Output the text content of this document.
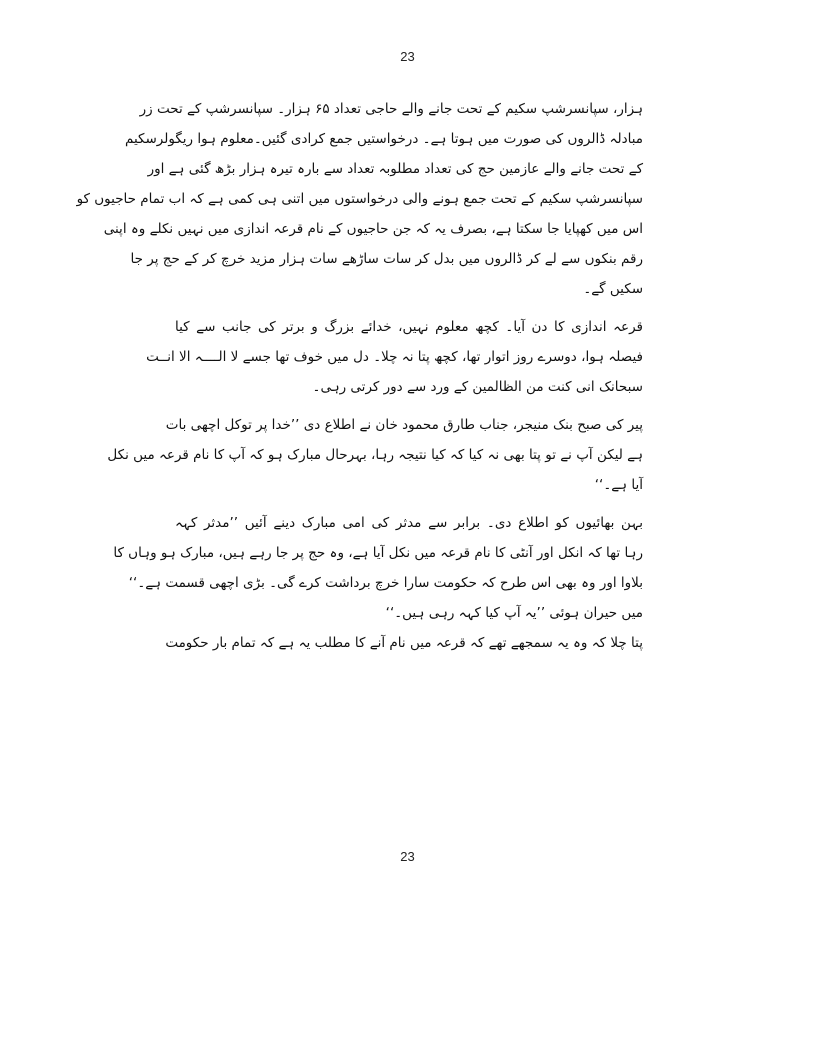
23
ہزار، سپانسرشپ سکیم کے تحت جانے والے حاجی تعداد ۶۵ ہزار۔ سپانسرشپ کے تحت زر
مبادلہ ڈالروں کی صورت میں ہوتا ہے۔ درخواستیں جمع کرادی گئیں۔معلوم ہوا ریگولرسکیم
کے تحت جانے والے عازمین حج کی تعداد مطلوبہ تعداد سے بارہ تیرہ ہزار بڑھ گئی ہے اور
سپانسرشپ سکیم کے تحت جمع ہونے والی درخواستوں میں اتنی ہی کمی ہے کہ اب تمام حاجیوں کو
اس میں کھپایا جا سکتا ہے، بصرف یہ کہ جن حاجیوں کے نام قرعہ اندازی میں نہیں نکلے وہ اپنی
رقم بنکوں سے لے کر ڈالروں میں بدل کر سات ساڑھے سات ہزار مزید خرچ کر کے حج پر جا
سکیں گے۔
قرعہ اندازی کا دن آیا۔ کچھ معلوم نہیں، خدائے بزرگ و برتر کی جانب سے کیا
فیصلہ ہوا، دوسرے روز اتوار تھا، کچھ پتا نہ چلا۔ دل میں خوف تھا جسے لا الــــہ الا انــت
سبحانک انی کنت من الظالمین کے ورد سے دور کرتی رہی۔
پیر کی صبح بنک منیجر، جناب طارق محمود خان نے اطلاع دی ’’خدا پر توکل اچھی بات
ہے لیکن آپ نے تو پتا بھی نہ کیا کہ کیا نتیجہ رہا، بہرحال مبارک ہو کہ آپ کا نام قرعہ میں نکل
آیا ہے۔‘‘
بہن بھائیوں کو اطلاع دی۔ برابر سے مدثر کی امی مبارک دینے آئیں ’’مدثر کہہ
رہا تھا کہ انکل اور آنٹی کا نام قرعہ میں نکل آیا ہے، وہ حج پر جا رہے ہیں، مبارک ہو وہاں کا
بلاوا اور وہ بھی اس طرح کہ حکومت سارا خرچ برداشت کرے گی۔ بڑی اچھی قسمت ہے۔‘‘
میں حیران ہوئی ’’یہ آپ کیا کہہ رہی ہیں۔‘‘
پتا چلا کہ وہ یہ سمجھے تھے کہ قرعہ میں نام آنے کا مطلب یہ ہے کہ تمام بار حکومت
23
